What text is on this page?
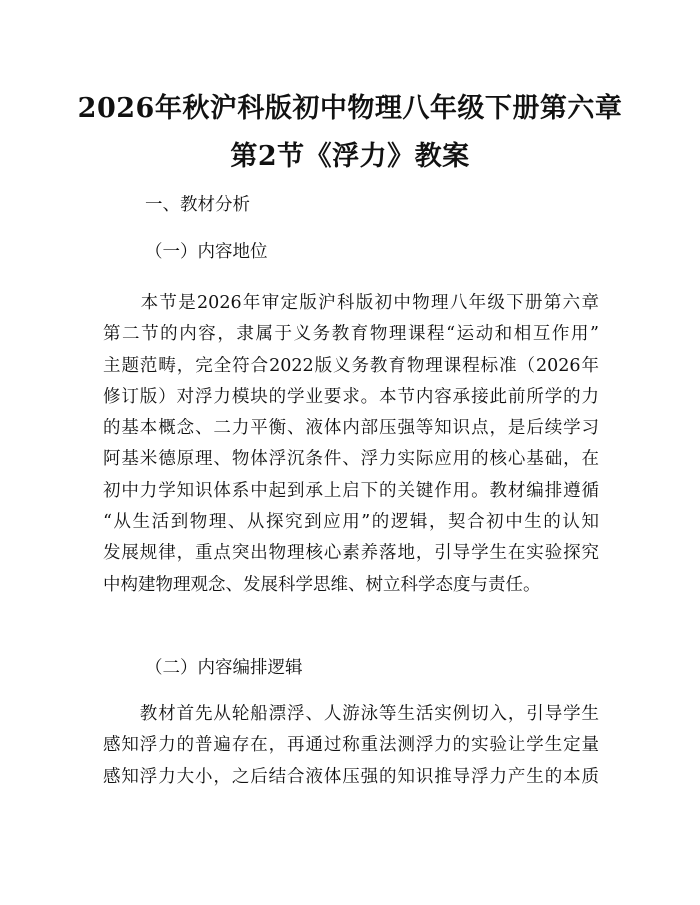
2026年秋沪科版初中物理八年级下册第六章
第2节《浮力》教案
一、教材分析
（一）内容地位
　　本节是2026年审定版沪科版初中物理八年级下册第六章
第二节的内容，隶属于义务教育物理课程“运动和相互作用”
主题范畴，完全符合2022版义务教育物理课程标准（2026年
修订版）对浮力模块的学业要求。本节内容承接此前所学的力
的基本概念、二力平衡、液体内部压强等知识点，是后续学习
阿基米德原理、物体浮沉条件、浮力实际应用的核心基础，在
初中力学知识体系中起到承上启下的关键作用。教材编排遵循
“从生活到物理、从探究到应用”的逻辑，契合初中生的认知
发展规律，重点突出物理核心素养落地，引导学生在实验探究
中构建物理观念、发展科学思维、树立科学态度与责任。
（二）内容编排逻辑
　　教材首先从轮船漂浮、人游泳等生活实例切入，引导学生
感知浮力的普遍存在，再通过称重法测浮力的实验让学生定量
感知浮力大小，之后结合液体压强的知识推导浮力产生的本质
